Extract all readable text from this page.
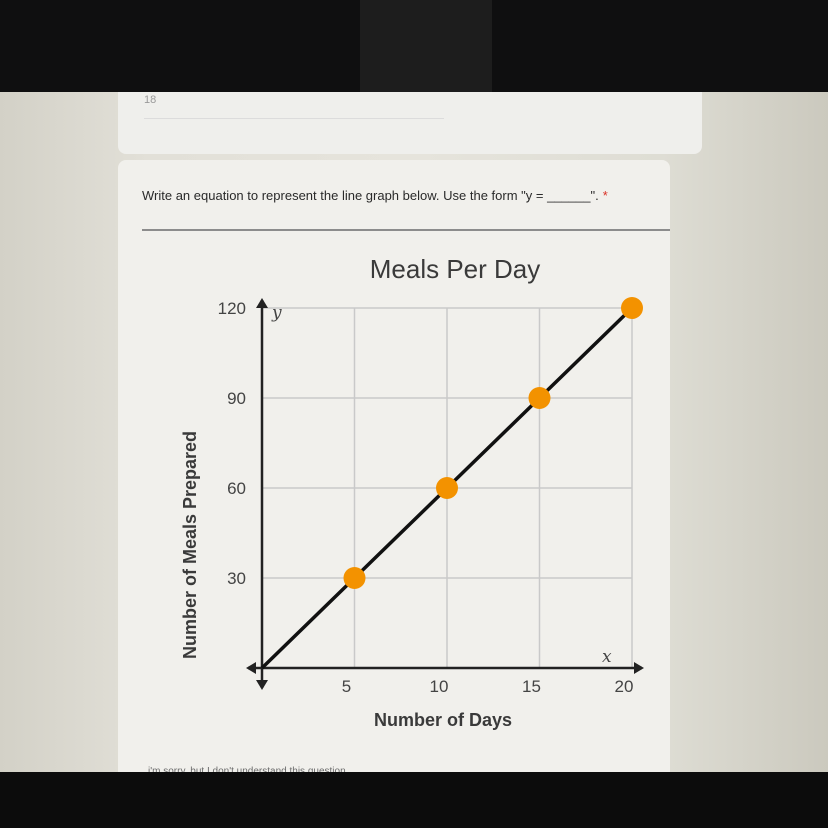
18
Write an equation to represent the line graph below. Use the form "y = ______". *
Meals Per Day
5	10	15	20
30
60
90
120
Number of Meals Prepared
Number of Days
y
x
